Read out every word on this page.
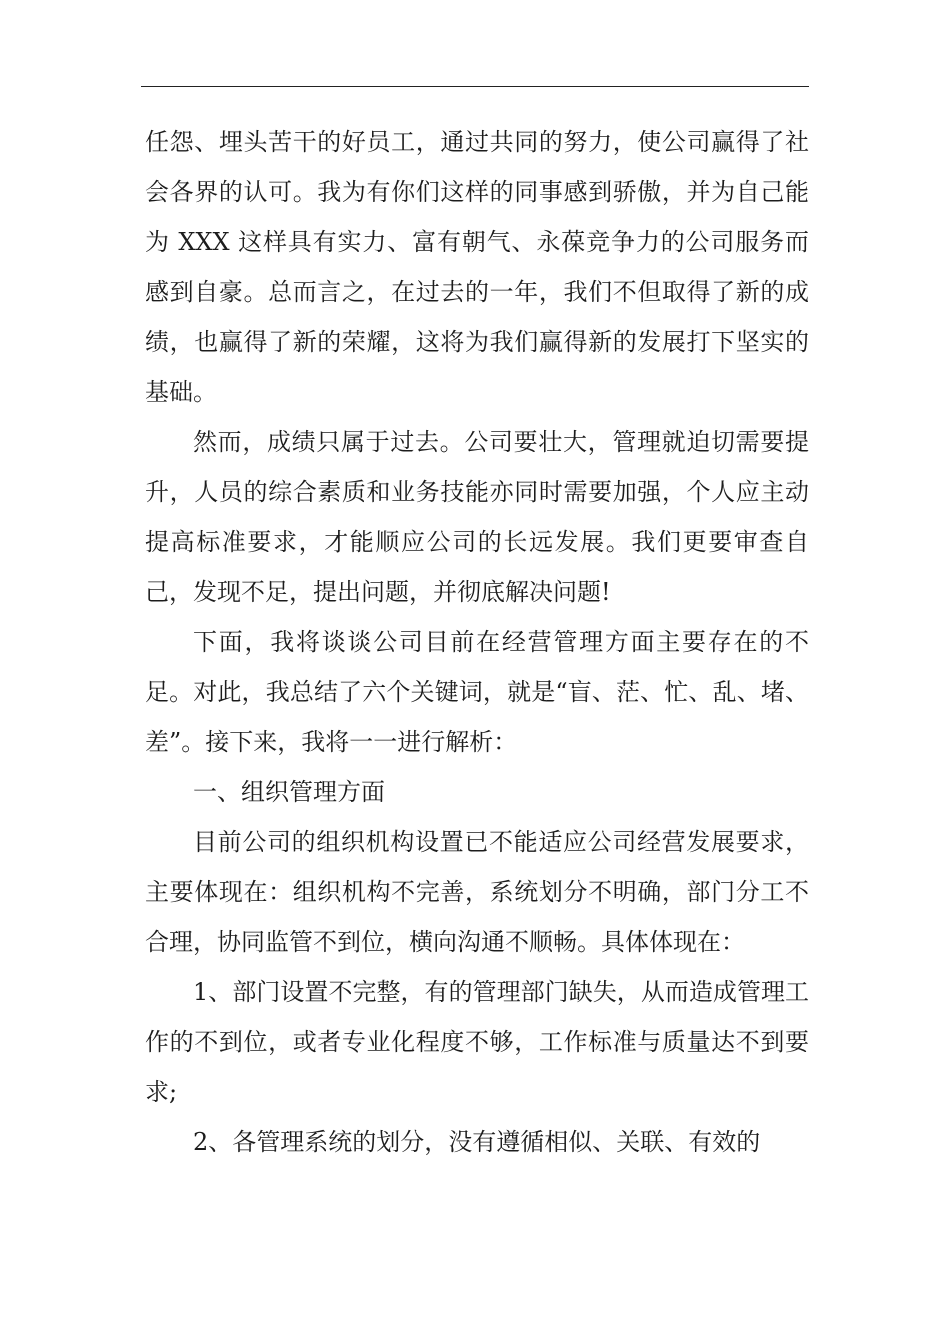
任怨、埋头苦干的好员工，通过共同的努力，使公司赢得了社会各界的认可。我为有你们这样的同事感到骄傲，并为自己能为 XXX 这样具有实力、富有朝气、永葆竞争力的公司服务而感到自豪。总而言之，在过去的一年，我们不但取得了新的成绩，也赢得了新的荣耀，这将为我们赢得新的发展打下坚实的基础。

然而，成绩只属于过去。公司要壮大，管理就迫切需要提升，人员的综合素质和业务技能亦同时需要加强，个人应主动提高标准要求，才能顺应公司的长远发展。我们更要审查自己，发现不足，提出问题，并彻底解决问题!

下面，我将谈谈公司目前在经营管理方面主要存在的不足。对此，我总结了六个关键词，就是“盲、茫、忙、乱、堵、差”。接下来，我将一一进行解析：

一、组织管理方面

目前公司的组织机构设置已不能适应公司经营发展要求，主要体现在：组织机构不完善，系统划分不明确，部门分工不合理，协同监管不到位，横向沟通不顺畅。具体体现在：

1、部门设置不完整，有的管理部门缺失，从而造成管理工作的不到位，或者专业化程度不够，工作标准与质量达不到要求;

2、各管理系统的划分，没有遵循相似、关联、有效的
